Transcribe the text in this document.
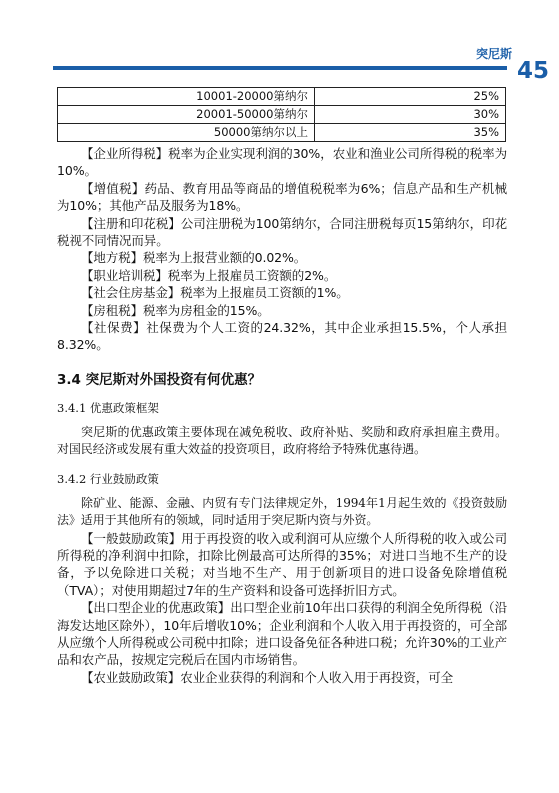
突尼斯
45
10001-20000第纳尔	25%
20001-50000第纳尔	30%
50000第纳尔以上	35%

【企业所得税】税率为企业实现利润的30%，农业和渔业公司所得税的税率为10%。

【增值税】药品、教育用品等商品的增值税税率为6%；信息产品和生产机械为10%；其他产品及服务为18%。

【注册和印花税】公司注册税为100第纳尔，合同注册税每页15第纳尔，印花税视不同情况而异。

【地方税】税率为上报营业额的0.02%。

【职业培训税】税率为上报雇员工资额的2%。

【社会住房基金】税率为上报雇员工资额的1%。

【房租税】税率为房租金的15%。

【社保费】社保费为个人工资的24.32%，其中企业承担15.5%，个人承担8.32%。

3.4 突尼斯对外国投资有何优惠？
3.4.1 优惠政策框架

突尼斯的优惠政策主要体现在减免税收、政府补贴、奖励和政府承担雇主费用。对国民经济或发展有重大效益的投资项目，政府将给予特殊优惠待遇。

3.4.2 行业鼓励政策

除矿业、能源、金融、内贸有专门法律规定外，1994年1月起生效的《投资鼓励法》适用于其他所有的领域，同时适用于突尼斯内资与外资。

【一般鼓励政策】用于再投资的收入或利润可从应缴个人所得税的收入或公司所得税的净利润中扣除，扣除比例最高可达所得的35%；对进口当地不生产的设备，予以免除进口关税；对当地不生产、用于创新项目的进口设备免除增值税（TVA）；对使用期超过7年的生产资料和设备可选择折旧方式。

【出口型企业的优惠政策】出口型企业前10年出口获得的利润全免所得税（沿海发达地区除外），10年后增收10%；企业利润和个人收入用于再投资的，可全部从应缴个人所得税或公司税中扣除；进口设备免征各种进口税；允许30%的工业产品和农产品，按规定完税后在国内市场销售。

【农业鼓励政策】农业企业获得的利润和个人收入用于再投资，可全
